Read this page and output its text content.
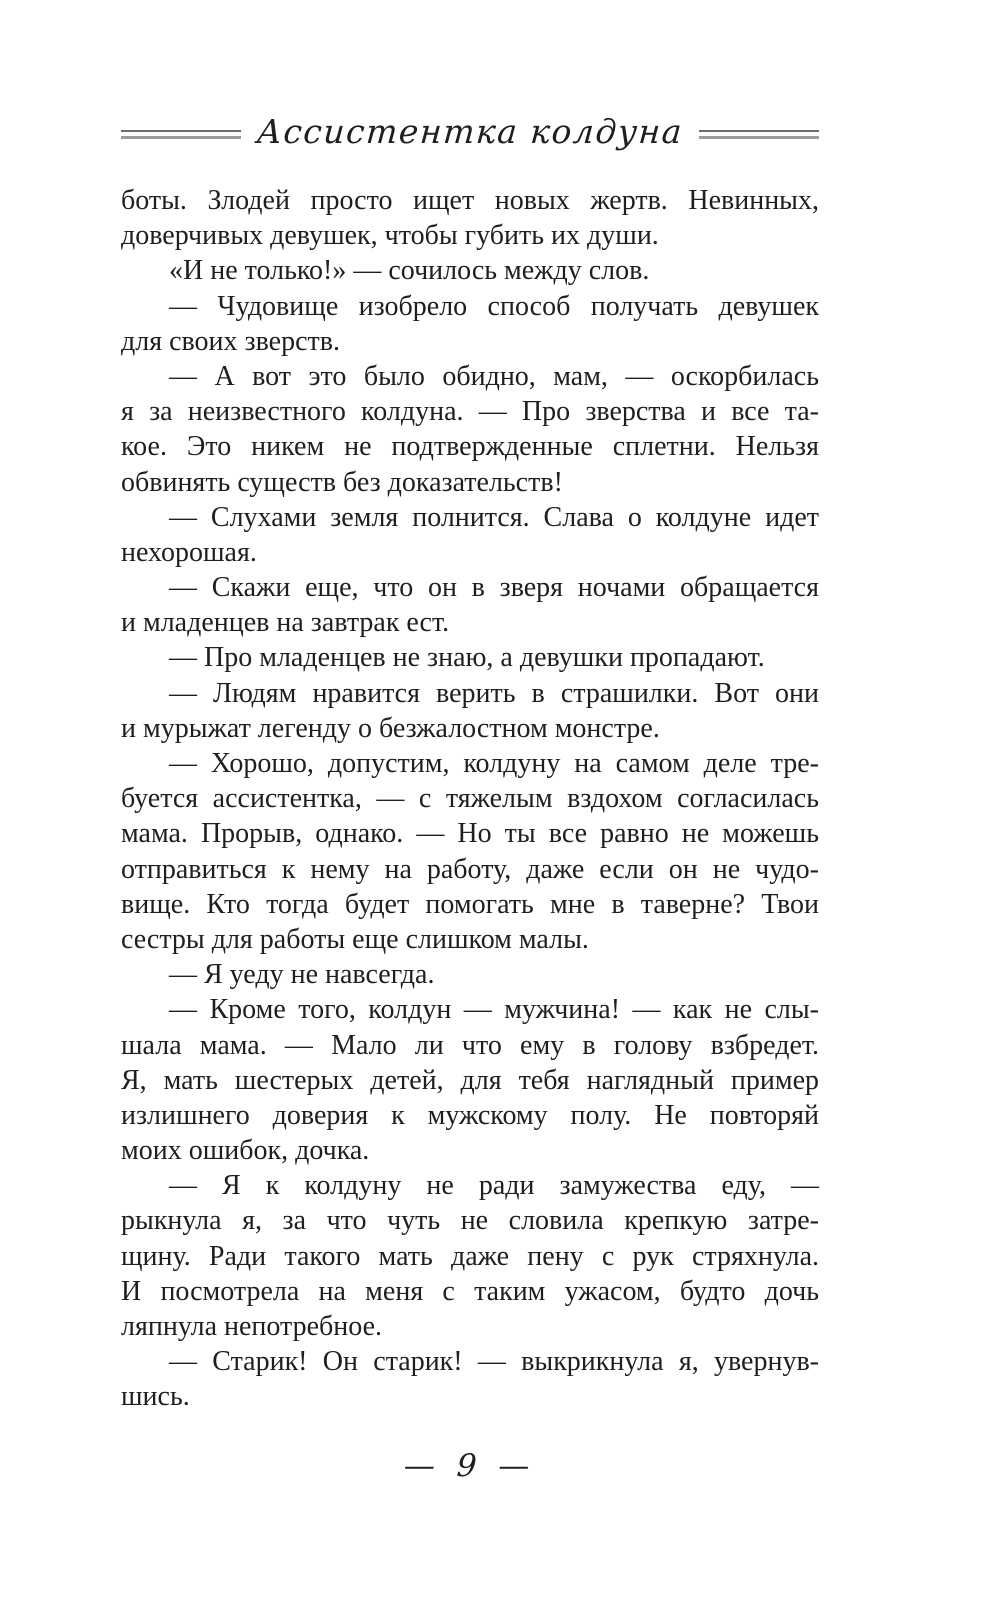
Ассистентка колдуна
боты. Злодей просто ищет новых жертв. Невинных,
доверчивых девушек, чтобы губить их души.
«И не только!» — сочилось между слов.
— Чудовище изобрело способ получать девушек
для своих зверств.
— А вот это было обидно, мам, — оскорбилась
я за неизвестного колдуна. — Про зверства и все та-
кое. Это никем не подтвержденные сплетни. Нельзя
обвинять существ без доказательств!
— Слухами земля полнится. Слава о колдуне идет
нехорошая.
— Скажи еще, что он в зверя ночами обращается
и младенцев на завтрак ест.
— Про младенцев не знаю, а девушки пропадают.
— Людям нравится верить в страшилки. Вот они
и мурыжат легенду о безжалостном монстре.
— Хорошо, допустим, колдуну на самом деле тре-
буется ассистентка, — с тяжелым вздохом согласилась
мама. Прорыв, однако. — Но ты все равно не можешь
отправиться к нему на работу, даже если он не чудо-
вище. Кто тогда будет помогать мне в таверне? Твои
сестры для работы еще слишком малы.
— Я уеду не навсегда.
— Кроме того, колдун — мужчина! — как не слы-
шала мама. — Мало ли что ему в голову взбредет.
Я, мать шестерых детей, для тебя наглядный пример
излишнего доверия к мужскому полу. Не повторяй
моих ошибок, дочка.
— Я к колдуну не ради замужества еду, —
рыкнула я, за что чуть не словила крепкую затре-
щину. Ради такого мать даже пену с рук стряхнула.
И посмотрела на меня с таким ужасом, будто дочь
ляпнула непотребное.
— Старик! Он старик! — выкрикнула я, увернув-
шись.
— 9 —
